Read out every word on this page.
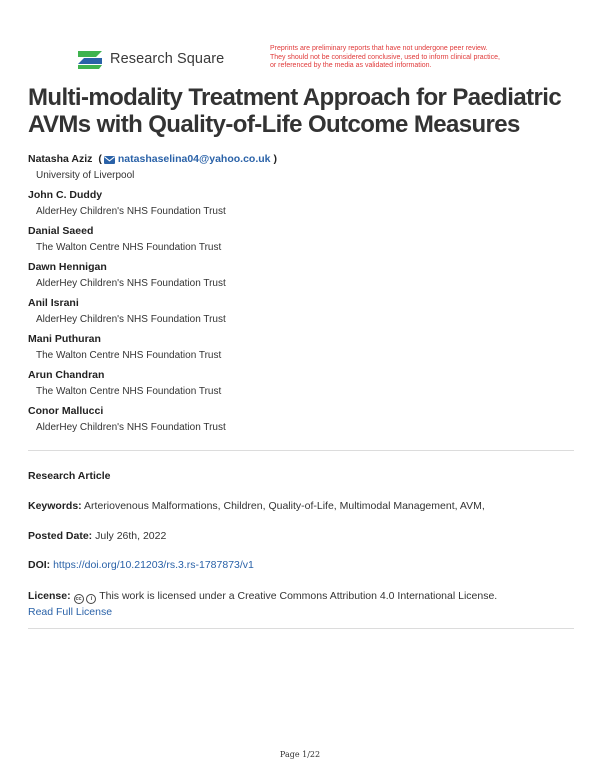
Research Square
Preprints are preliminary reports that have not undergone peer review.
They should not be considered conclusive, used to inform clinical practice,
or referenced by the media as validated information.
Multi-modality Treatment Approach for Paediatric
AVMs with Quality-of-Life Outcome Measures
Natasha Aziz ( natashaselina04@yahoo.co.uk )
University of Liverpool
John C. Duddy
AlderHey Children's NHS Foundation Trust
Danial Saeed
The Walton Centre NHS Foundation Trust
Dawn Hennigan
AlderHey Children's NHS Foundation Trust
Anil Israni
AlderHey Children's NHS Foundation Trust
Mani Puthuran
The Walton Centre NHS Foundation Trust
Arun Chandran
The Walton Centre NHS Foundation Trust
Conor Mallucci
AlderHey Children's NHS Foundation Trust
Research Article
Keywords: Arteriovenous Malformations, Children, Quality-of-Life, Multimodal Management, AVM,
Posted Date: July 26th, 2022
DOI: https://doi.org/10.21203/rs.3.rs-1787873/v1
License: cc i This work is licensed under a Creative Commons Attribution 4.0 International License.
Read Full License
Page 1/22
